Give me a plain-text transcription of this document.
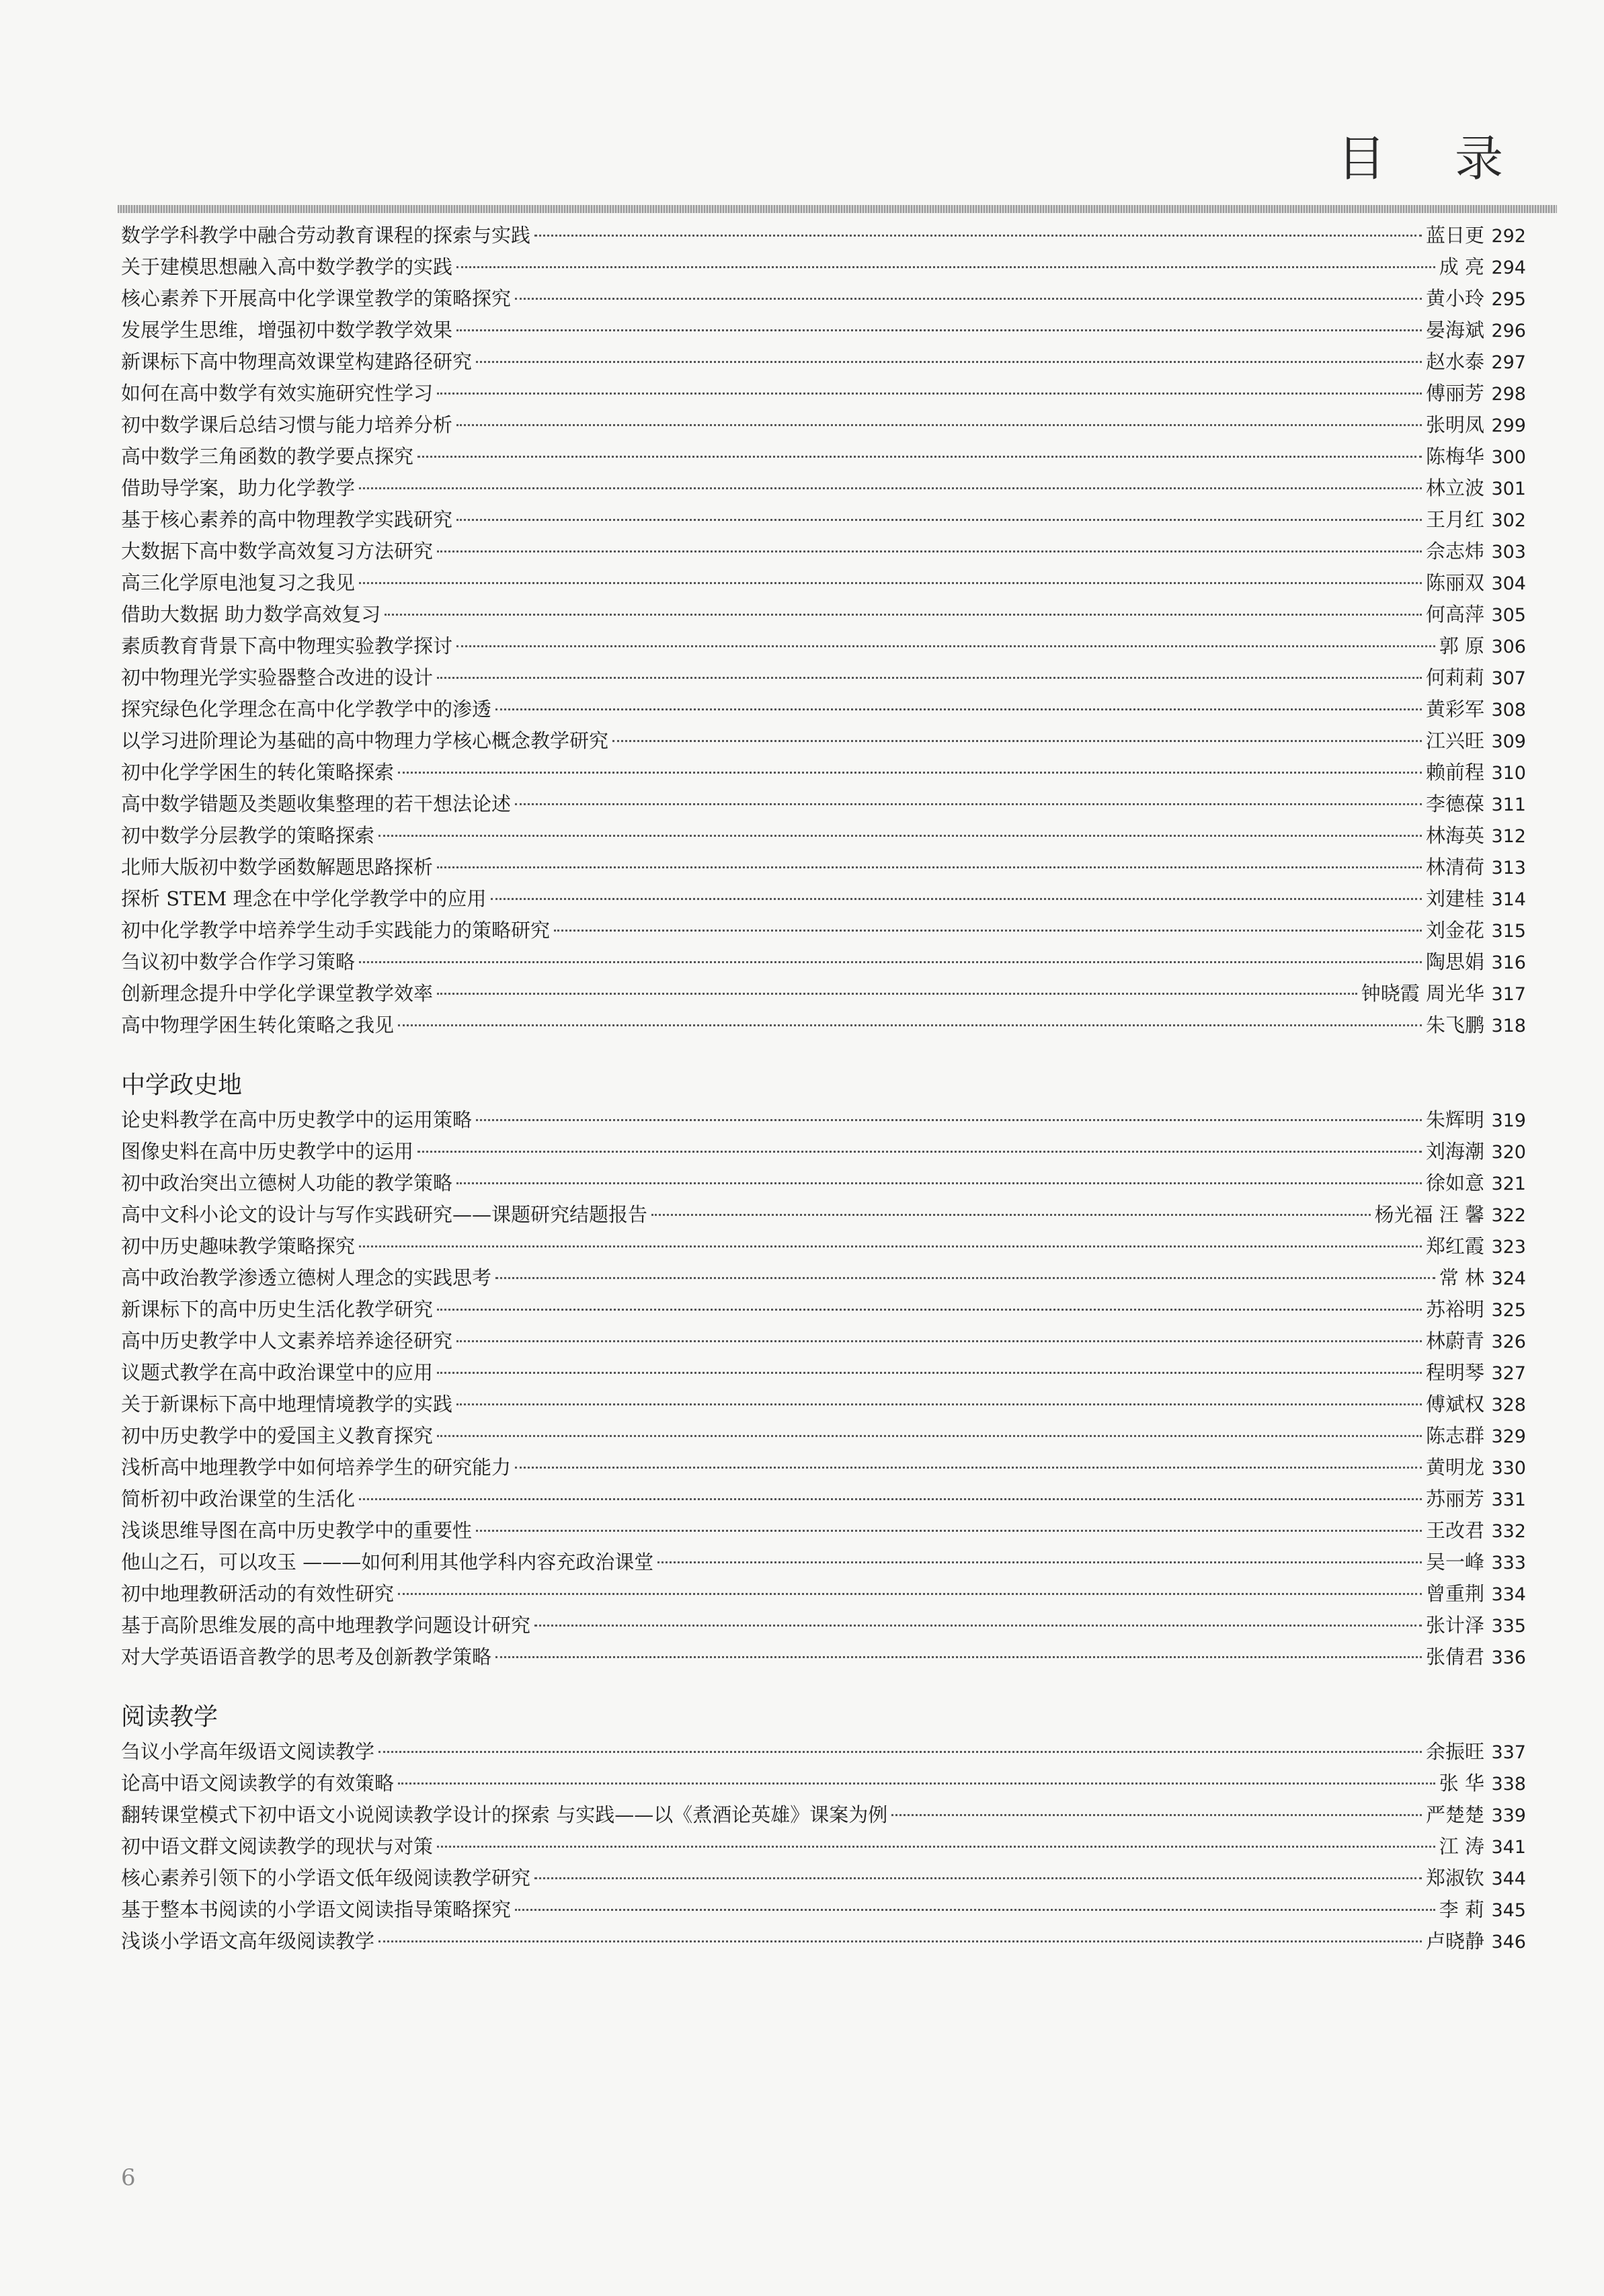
目 录
数学学科教学中融合劳动教育课程的探索与实践	蓝日更 292
关于建模思想融入高中数学教学的实践	成 亮 294
核心素养下开展高中化学课堂教学的策略探究	黄小玲 295
发展学生思维，增强初中数学教学效果	晏海斌 296
新课标下高中物理高效课堂构建路径研究	赵水泰 297
如何在高中数学有效实施研究性学习	傅丽芳 298
初中数学课后总结习惯与能力培养分析	张明凤 299
高中数学三角函数的教学要点探究	陈梅华 300
借助导学案，助力化学教学	林立波 301
基于核心素养的高中物理教学实践研究	王月红 302
大数据下高中数学高效复习方法研究	佘志炜 303
高三化学原电池复习之我见	陈丽双 304
借助大数据 助力数学高效复习	何高萍 305
素质教育背景下高中物理实验教学探讨	郭 原 306
初中物理光学实验器整合改进的设计	何莉莉 307
探究绿色化学理念在高中化学教学中的渗透	黄彩军 308
以学习进阶理论为基础的高中物理力学核心概念教学研究	江兴旺 309
初中化学学困生的转化策略探索	赖前程 310
高中数学错题及类题收集整理的若干想法论述	李德葆 311
初中数学分层教学的策略探索	林海英 312
北师大版初中数学函数解题思路探析	林清荷 313
探析 STEM 理念在中学化学教学中的应用	刘建桂 314
初中化学教学中培养学生动手实践能力的策略研究	刘金花 315
刍议初中数学合作学习策略	陶思娟 316
创新理念提升中学化学课堂教学效率	钟晓霞 周光华 317
高中物理学困生转化策略之我见	朱飞鹏 318
中学政史地
论史料教学在高中历史教学中的运用策略	朱辉明 319
图像史料在高中历史教学中的运用	刘海潮 320
初中政治突出立德树人功能的教学策略	徐如意 321
高中文科小论文的设计与写作实践研究——课题研究结题报告	杨光福 汪 馨 322
初中历史趣味教学策略探究	郑红霞 323
高中政治教学渗透立德树人理念的实践思考	常 林 324
新课标下的高中历史生活化教学研究	苏裕明 325
高中历史教学中人文素养培养途径研究	林蔚青 326
议题式教学在高中政治课堂中的应用	程明琴 327
关于新课标下高中地理情境教学的实践	傅斌权 328
初中历史教学中的爱国主义教育探究	陈志群 329
浅析高中地理教学中如何培养学生的研究能力	黄明龙 330
简析初中政治课堂的生活化	苏丽芳 331
浅谈思维导图在高中历史教学中的重要性	王改君 332
他山之石，可以攻玉 ———如何利用其他学科内容充政治课堂	吴一峰 333
初中地理教研活动的有效性研究	曾重荆 334
基于高阶思维发展的高中地理教学问题设计研究	张计泽 335
对大学英语语音教学的思考及创新教学策略	张倩君 336
阅读教学
刍议小学高年级语文阅读教学	余振旺 337
论高中语文阅读教学的有效策略	张 华 338
翻转课堂模式下初中语文小说阅读教学设计的探索 与实践——以《煮酒论英雄》课案为例	严楚楚 339
初中语文群文阅读教学的现状与对策	江 涛 341
核心素养引领下的小学语文低年级阅读教学研究	郑淑钦 344
基于整本书阅读的小学语文阅读指导策略探究	李 莉 345
浅谈小学语文高年级阅读教学	卢晓静 346
6
